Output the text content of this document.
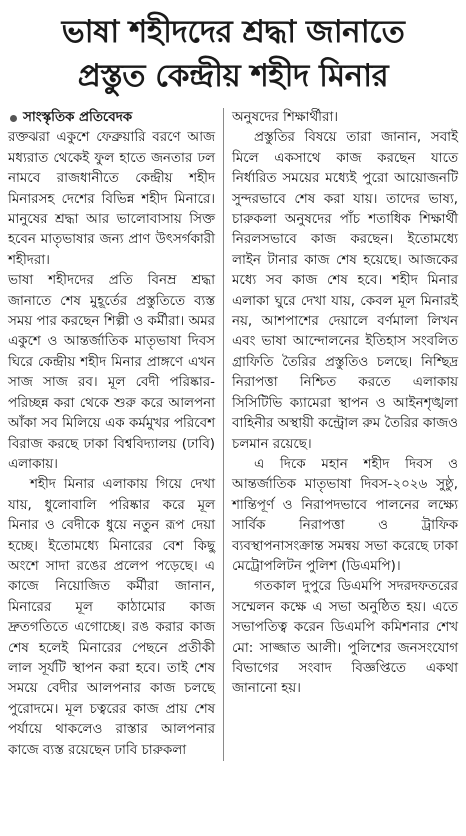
ভাষা শহীদদের শ্রদ্ধা জানাতে
প্রস্তুত কেন্দ্রীয় শহীদ মিনার
সাংস্কৃতিক প্রতিবেদক

রক্তঝরা একুশে ফেব্রুয়ারি বরণে আজ মধ্যরাত থেকেই ফুল হাতে জনতার ঢল নামবে রাজধানীতে কেন্দ্রীয় শহীদ মিনারসহ দেশের বিভিন্ন শহীদ মিনারে। মানুষের শ্রদ্ধা আর ভালোবাসায় সিক্ত হবেন মাতৃভাষার জন্য প্রাণ উৎসর্গকারী শহীদরা।

ভাষা শহীদদের প্রতি বিনম্র শ্রদ্ধা জানাতে শেষ মুহূর্তের প্রস্তুতিতে ব্যস্ত সময় পার করছেন শিল্পী ও কর্মীরা। অমর একুশে ও আন্তর্জাতিক মাতৃভাষা দিবস ঘিরে কেন্দ্রীয় শহীদ মিনার প্রাঙ্গণে এখন সাজ সাজ রব। মূল বেদী পরিষ্কার-পরিচ্ছন্ন করা থেকে শুরু করে আলপনা আঁকা সব মিলিয়ে এক কর্মমুখর পরিবেশ বিরাজ করছে ঢাকা বিশ্ববিদ্যালয় (ঢাবি) এলাকায়।

শহীদ মিনার এলাকায় গিয়ে দেখা যায়, ধুলোবালি পরিষ্কার করে মূল মিনার ও বেদীকে ধুয়ে নতুন রূপ দেয়া হচ্ছে। ইতোমধ্যে মিনারের বেশ কিছু অংশে সাদা রঙের প্রলেপ পড়েছে। এ কাজে নিয়োজিত কর্মীরা জানান, মিনারের মূল কাঠামোর কাজ দ্রুতগতিতে এগোচ্ছে। রঙ করার কাজ শেষ হলেই মিনারের পেছনে প্রতীকী লাল সূর্যটি স্থাপন করা হবে। তাই শেষ সময়ে বেদীর আলপনার কাজ চলছে পুরোদমে। মূল চত্বরের কাজ প্রায় শেষ পর্যায়ে থাকলেও রাস্তার আলপনার কাজে ব্যস্ত রয়েছেন ঢাবি চারুকলা

অনুষদের শিক্ষার্থীরা।

প্রস্তুতির বিষয়ে তারা জানান, সবাই মিলে একসাথে কাজ করছেন যাতে নির্ধারিত সময়ের মধ্যেই পুরো আয়োজনটি সুন্দরভাবে শেষ করা যায়। তাদের ভাষ্য, চারুকলা অনুষদের পাঁচ শতাধিক শিক্ষার্থী নিরলসভাবে কাজ করছেন। ইতোমধ্যে লাইন টানার কাজ শেষ হয়েছে। আজকের মধ্যে সব কাজ শেষ হবে। শহীদ মিনার এলাকা ঘুরে দেখা যায়, কেবল মূল মিনারই নয়, আশপাশের দেয়ালে বর্ণমালা লিখন এবং ভাষা আন্দোলনের ইতিহাস সংবলিত গ্রাফিতি তৈরির প্রস্তুতিও চলছে। নিশ্ছিদ্র নিরাপত্তা নিশ্চিত করতে এলাকায় সিসিটিভি ক্যামেরা স্থাপন ও আইনশৃঙ্খলা বাহিনীর অস্থায়ী কন্ট্রোল রুম তৈরির কাজও চলমান রয়েছে।

এ দিকে মহান শহীদ দিবস ও আন্তর্জাতিক মাতৃভাষা দিবস-২০২৬ সুষ্ঠু, শান্তিপূর্ণ ও নিরাপদভাবে পালনের লক্ষ্যে সার্বিক নিরাপত্তা ও ট্রাফিক ব্যবস্থাপনাসংক্রান্ত সমন্বয় সভা করেছে ঢাকা মেট্রোপলিটন পুলিশ (ডিএমপি)।

গতকাল দুপুরে ডিএমপি সদরদফতরের সম্মেলন কক্ষে এ সভা অনুষ্ঠিত হয়। এতে সভাপতিত্ব করেন ডিএমপি কমিশনার শেখ মো: সাজ্জাত আলী। পুলিশের জনসংযোগ বিভাগের সংবাদ বিজ্ঞপ্তিতে একথা জানানো হয়।
